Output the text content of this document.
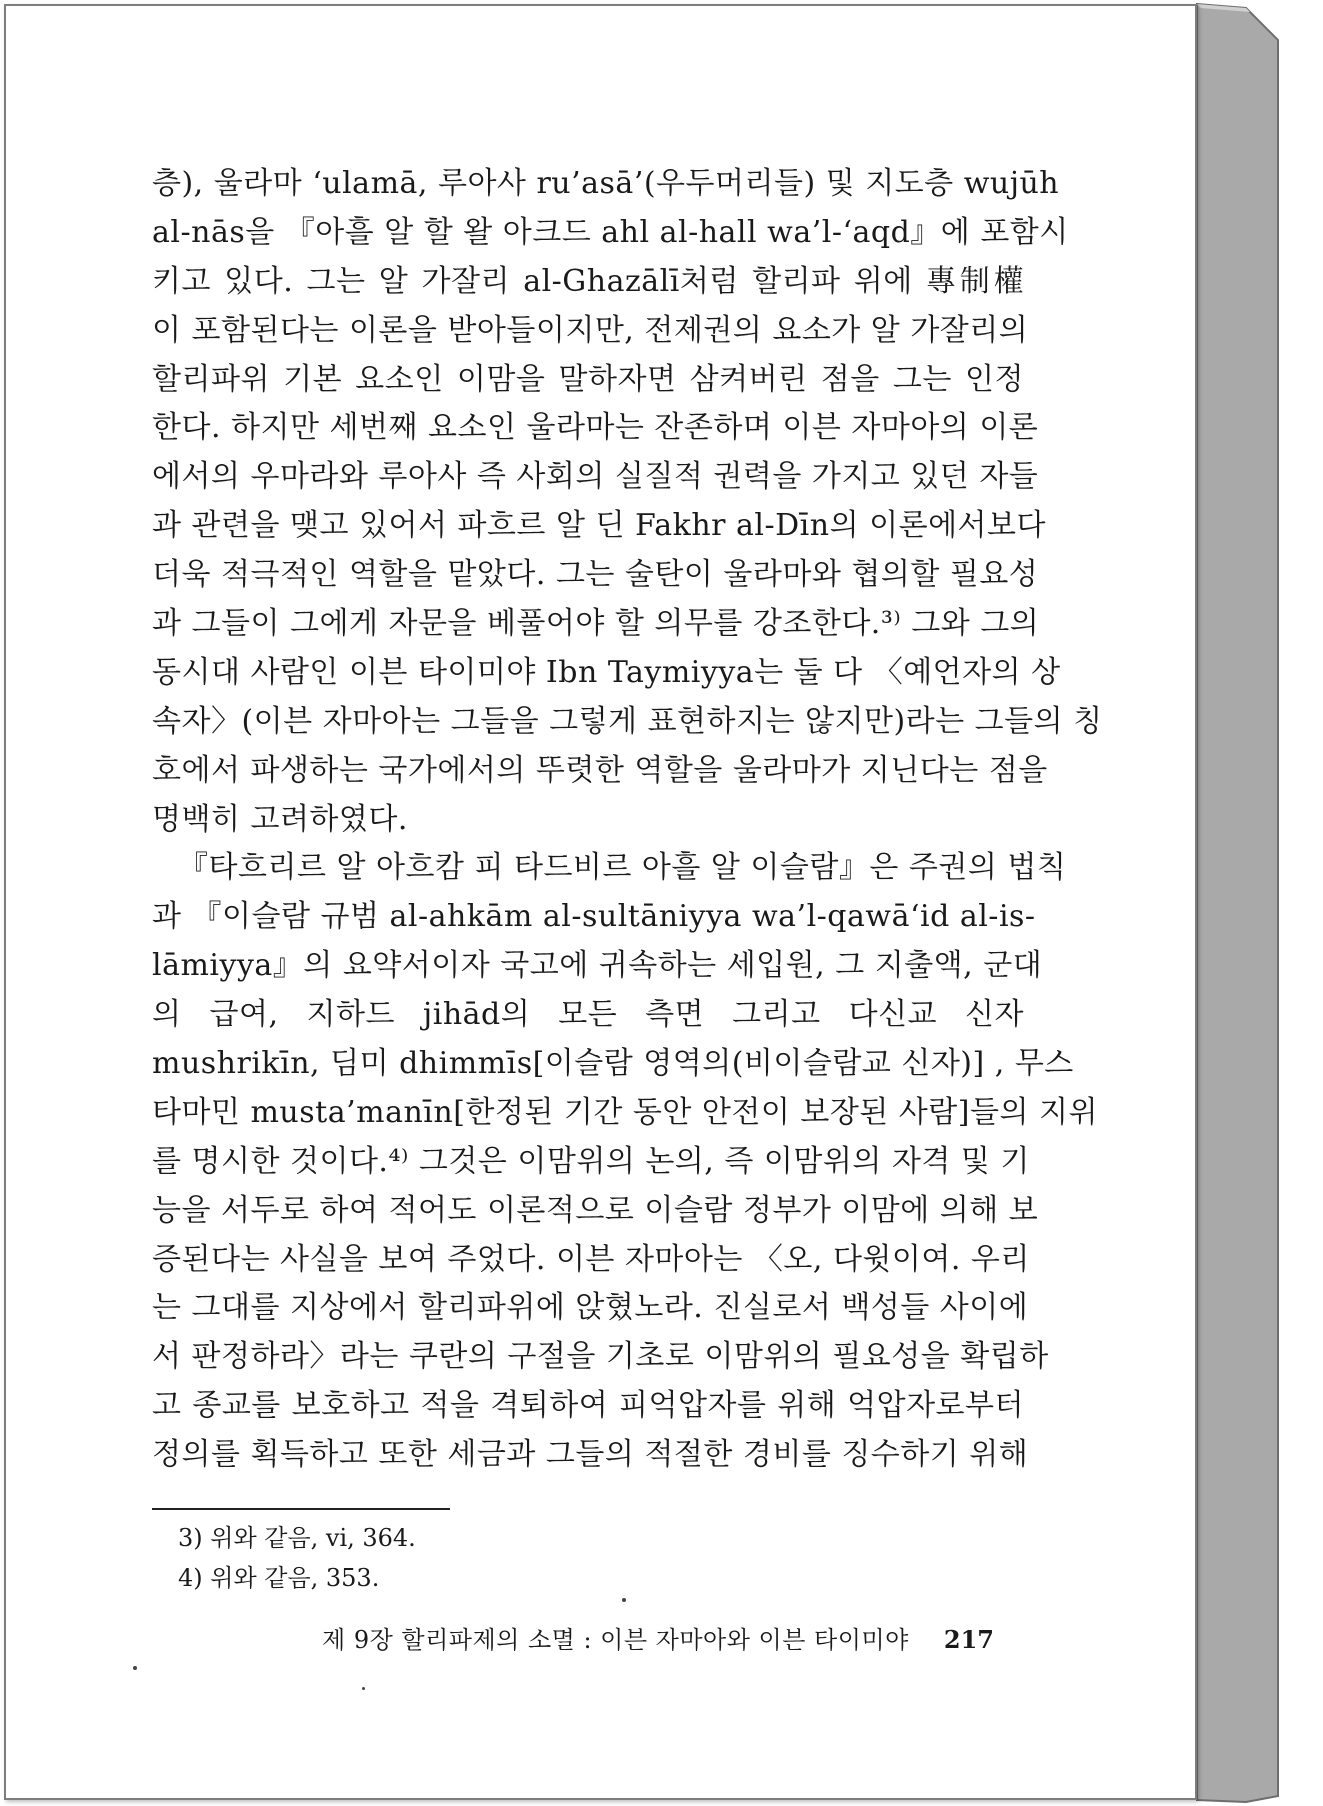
층), 울라마 ‘ulamā, 루아사 ru’asā’(우두머리들) 및 지도층 wujūh
al-nās을 『아흘 알 할 왈 아크드 ahl al-hall wa’l-‘aqd』에 포함시
키고 있다. 그는 알 가잘리 al-Ghazālī처럼 할리파 위에 專制權
이 포함된다는 이론을 받아들이지만, 전제권의 요소가 알 가잘리의
할리파위 기본 요소인 이맘을 말하자면 삼켜버린 점을 그는 인정
한다. 하지만 세번째 요소인 울라마는 잔존하며 이븐 자마아의 이론
에서의 우마라와 루아사 즉 사회의 실질적 권력을 가지고 있던 자들
과 관련을 맺고 있어서 파흐르 알 딘 Fakhr al-Dīn의 이론에서보다
더욱 적극적인 역할을 맡았다. 그는 술탄이 울라마와 협의할 필요성
과 그들이 그에게 자문을 베풀어야 할 의무를 강조한다.³⁾ 그와 그의
동시대 사람인 이븐 타이미야 Ibn Taymiyya는 둘 다 〈예언자의 상
속자〉(이븐 자마아는 그들을 그렇게 표현하지는 않지만)라는 그들의 칭
호에서 파생하는 국가에서의 뚜렷한 역할을 울라마가 지닌다는 점을
명백히 고려하였다.
『타흐리르 알 아흐캄 피 타드비르 아흘 알 이슬람』은 주권의 법칙
과 『이슬람 규범 al-ahkām al-sultāniyya wa’l-qawā‘id al-is-
lāmiyya』의 요약서이자 국고에 귀속하는 세입원, 그 지출액, 군대
의 급여, 지하드 jihād의 모든 측면 그리고 다신교 신자
mushrikīn, 딤미 dhimmīs[이슬람 영역의(비이슬람교 신자)] , 무스
타마민 musta’manīn[한정된 기간 동안 안전이 보장된 사람]들의 지위
를 명시한 것이다.⁴⁾ 그것은 이맘위의 논의, 즉 이맘위의 자격 및 기
능을 서두로 하여 적어도 이론적으로 이슬람 정부가 이맘에 의해 보
증된다는 사실을 보여 주었다. 이븐 자마아는 〈오, 다윗이여. 우리
는 그대를 지상에서 할리파위에 앉혔노라. 진실로서 백성들 사이에
서 판정하라〉라는 쿠란의 구절을 기초로 이맘위의 필요성을 확립하
고 종교를 보호하고 적을 격퇴하여 피억압자를 위해 억압자로부터
정의를 획득하고 또한 세금과 그들의 적절한 경비를 징수하기 위해
3) 위와 같음, vi, 364.
4) 위와 같음, 353.
제 9장 할리파제의 소멸 : 이븐 자마아와 이븐 타이미야 217
